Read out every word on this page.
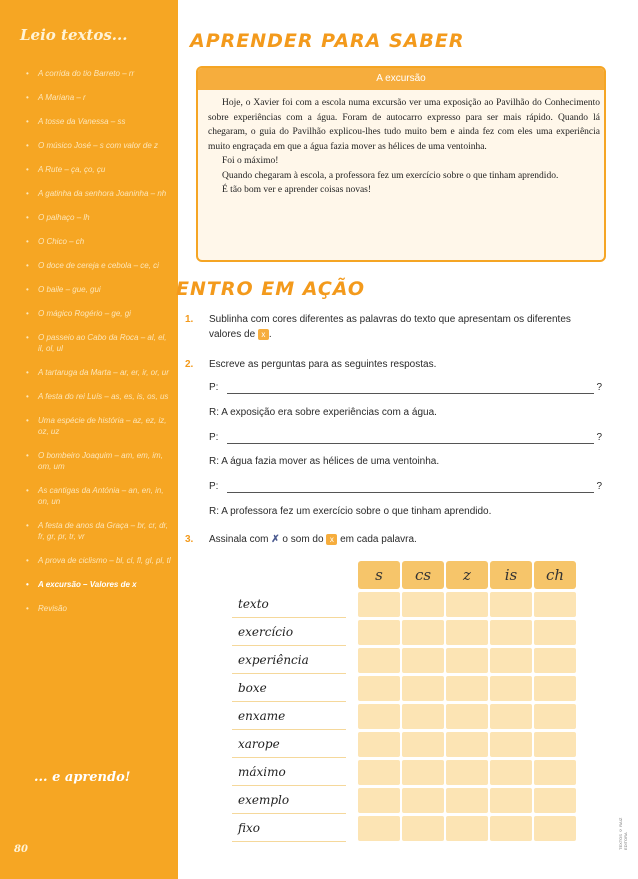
Leio textos...
• A corrida do tio Barreto – rr
• A Mariana – r
• A tosse da Vanessa – ss
• O músico José – s com valor de z
• A Rute – ça, ço, çu
• A gatinha da senhora Joaninha – nh
• O palhaço – lh
• O Chico – ch
• O doce de cereja e cebola – ce, ci
• O baile – gue, gui
• O mágico Rogério – ge, gi
• O passeio ao Cabo da Roca – al, el, il, ol, ul
• A tartaruga da Marta – ar, er, ir, or, ur
• A festa do rei Luís – as, es, is, os, us
• Uma espécie de história – az, ez, iz, oz, uz
• O bombeiro Joaquim – am, em, im, om, um
• As cantigas da Antónia – an, en, in, on, un
• A festa de anos da Graça – br, cr, dr, fr, gr, pr, tr, vr
• A prova de ciclismo – bl, cl, fl, gl, pl, tl
• A excursão – Valores de x
• Revisão
... e aprendo!
80
APRENDER PARA SABER
A excursão

Hoje, o Xavier foi com a escola numa excursão ver uma exposição ao Pavilhão do Conhecimento sobre experiências com a água. Foram de autocarro expresso para ser mais rápido. Quando lá chegaram, o guia do Pavilhão explicou-lhes tudo muito bem e ainda fez com eles uma experiência muito engraçada em que a água fazia mover as hélices de uma ventoinha.

Foi o máximo!

Quando chegaram à escola, a professora fez um exercício sobre o que tinham aprendido.

É tão bom ver e aprender coisas novas!

ENTRO EM AÇÃO
1. Sublinha com cores diferentes as palavras do texto que apresentam os diferentes valores de x .
2. Escreve as perguntas para as seguintes respostas.
P:	?
R: A exposição era sobre experiências com a água.
P:	?
R: A água fazia mover as hélices de uma ventoinha.
P:	?
R: A professora fez um exercício sobre o que tinham aprendido.
3. Assinala com ✗ o som do x em cada palavra.
s	cs	z	is	ch
texto
exercício
experiência
boxe
enxame
xarope
máximo
exemplo
fixo	TEXTOS © RAIZ EDITORA
